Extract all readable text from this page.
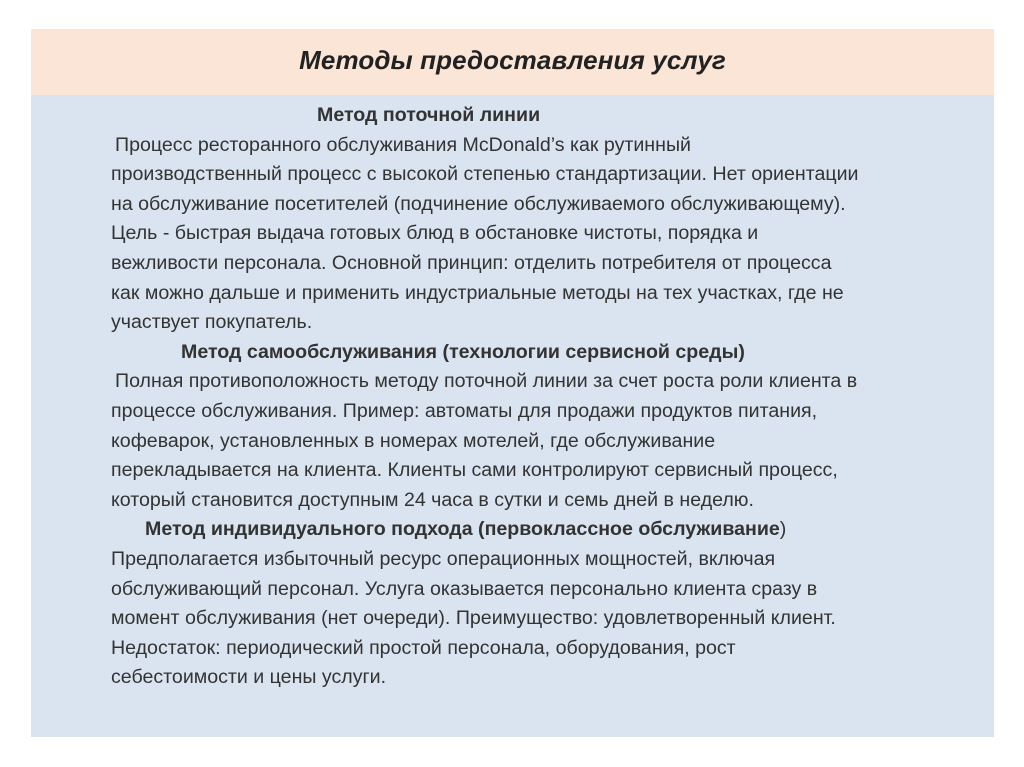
Методы предоставления услуг
Метод поточной линии
Процесс ресторанного обслуживания McDonald’s как рутинный
производственный процесс с высокой степенью стандартизации. Нет ориентации
на обслуживание посетителей (подчинение обслуживаемого обслуживающему).
Цель - быстрая выдача готовых блюд в обстановке чистоты, порядка и
вежливости персонала. Основной принцип: отделить потребителя от процесса
как можно дальше и применить индустриальные методы на тех участках, где не
участвует покупатель.
Метод самообслуживания (технологии сервисной среды)
Полная противоположность методу поточной линии за счет роста роли клиента в
процессе обслуживания. Пример: автоматы для продажи продуктов питания,
кофеварок, установленных в номерах мотелей, где обслуживание
перекладывается на клиента. Клиенты сами контролируют сервисный процесс,
который становится доступным 24 часа в сутки и семь дней в неделю.
Метод индивидуального подхода (первоклассное обслуживание)
Предполагается избыточный ресурс операционных мощностей, включая
обслуживающий персонал. Услуга оказывается персонально клиента сразу в
момент обслуживания (нет очереди). Преимущество: удовлетворенный клиент.
Недостаток: периодический простой персонала, оборудования, рост
себестоимости и цены услуги.
